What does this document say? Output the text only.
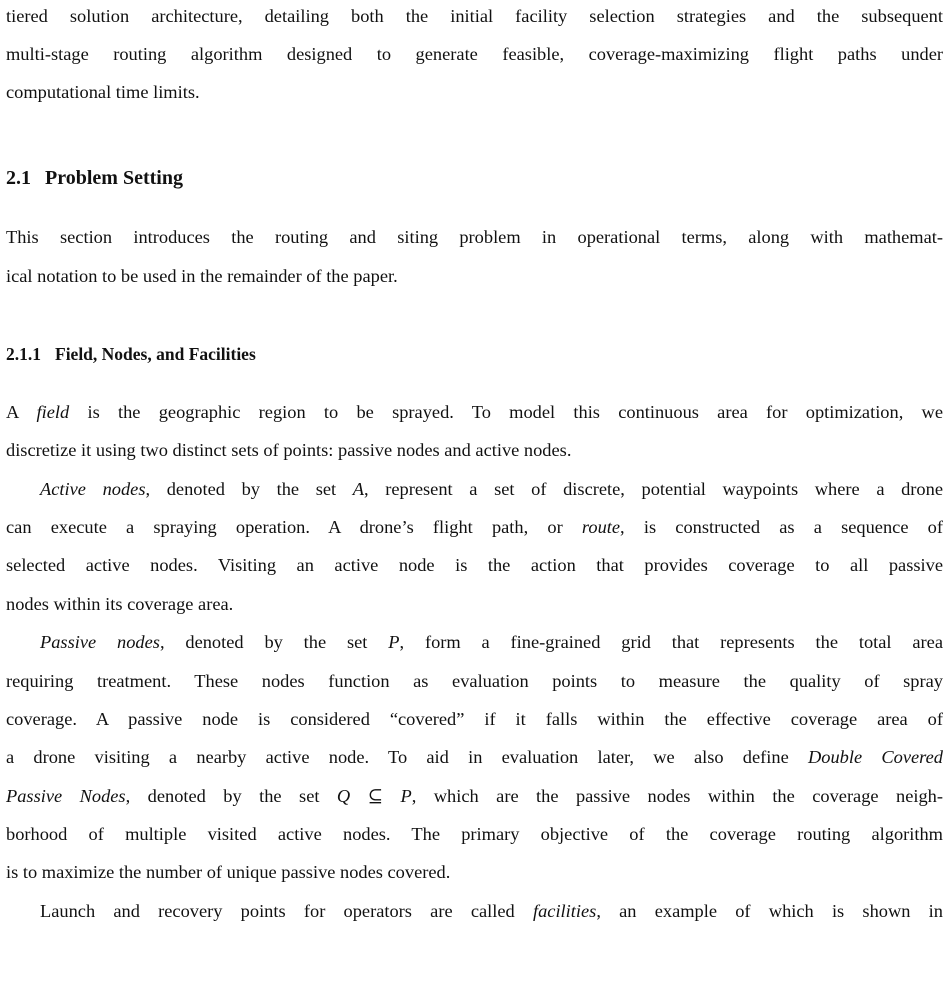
tiered solution architecture, detailing both the initial facility selection strategies and the subsequent
multi-stage routing algorithm designed to generate feasible, coverage-maximizing flight paths under
computational time limits.
2.1 Problem Setting
This section introduces the routing and siting problem in operational terms, along with mathemat-
ical notation to be used in the remainder of the paper.
2.1.1 Field, Nodes, and Facilities
A field is the geographic region to be sprayed. To model this continuous area for optimization, we
discretize it using two distinct sets of points: passive nodes and active nodes.
Active nodes, denoted by the set A, represent a set of discrete, potential waypoints where a drone
can execute a spraying operation. A drone’s flight path, or route, is constructed as a sequence of
selected active nodes. Visiting an active node is the action that provides coverage to all passive
nodes within its coverage area.
Passive nodes, denoted by the set P, form a fine-grained grid that represents the total area
requiring treatment. These nodes function as evaluation points to measure the quality of spray
coverage. A passive node is considered “covered” if it falls within the effective coverage area of
a drone visiting a nearby active node. To aid in evaluation later, we also define Double Covered
Passive Nodes, denoted by the set Q ⊆ P, which are the passive nodes within the coverage neigh-
borhood of multiple visited active nodes. The primary objective of the coverage routing algorithm
is to maximize the number of unique passive nodes covered.
Launch and recovery points for operators are called facilities, an example of which is shown in
